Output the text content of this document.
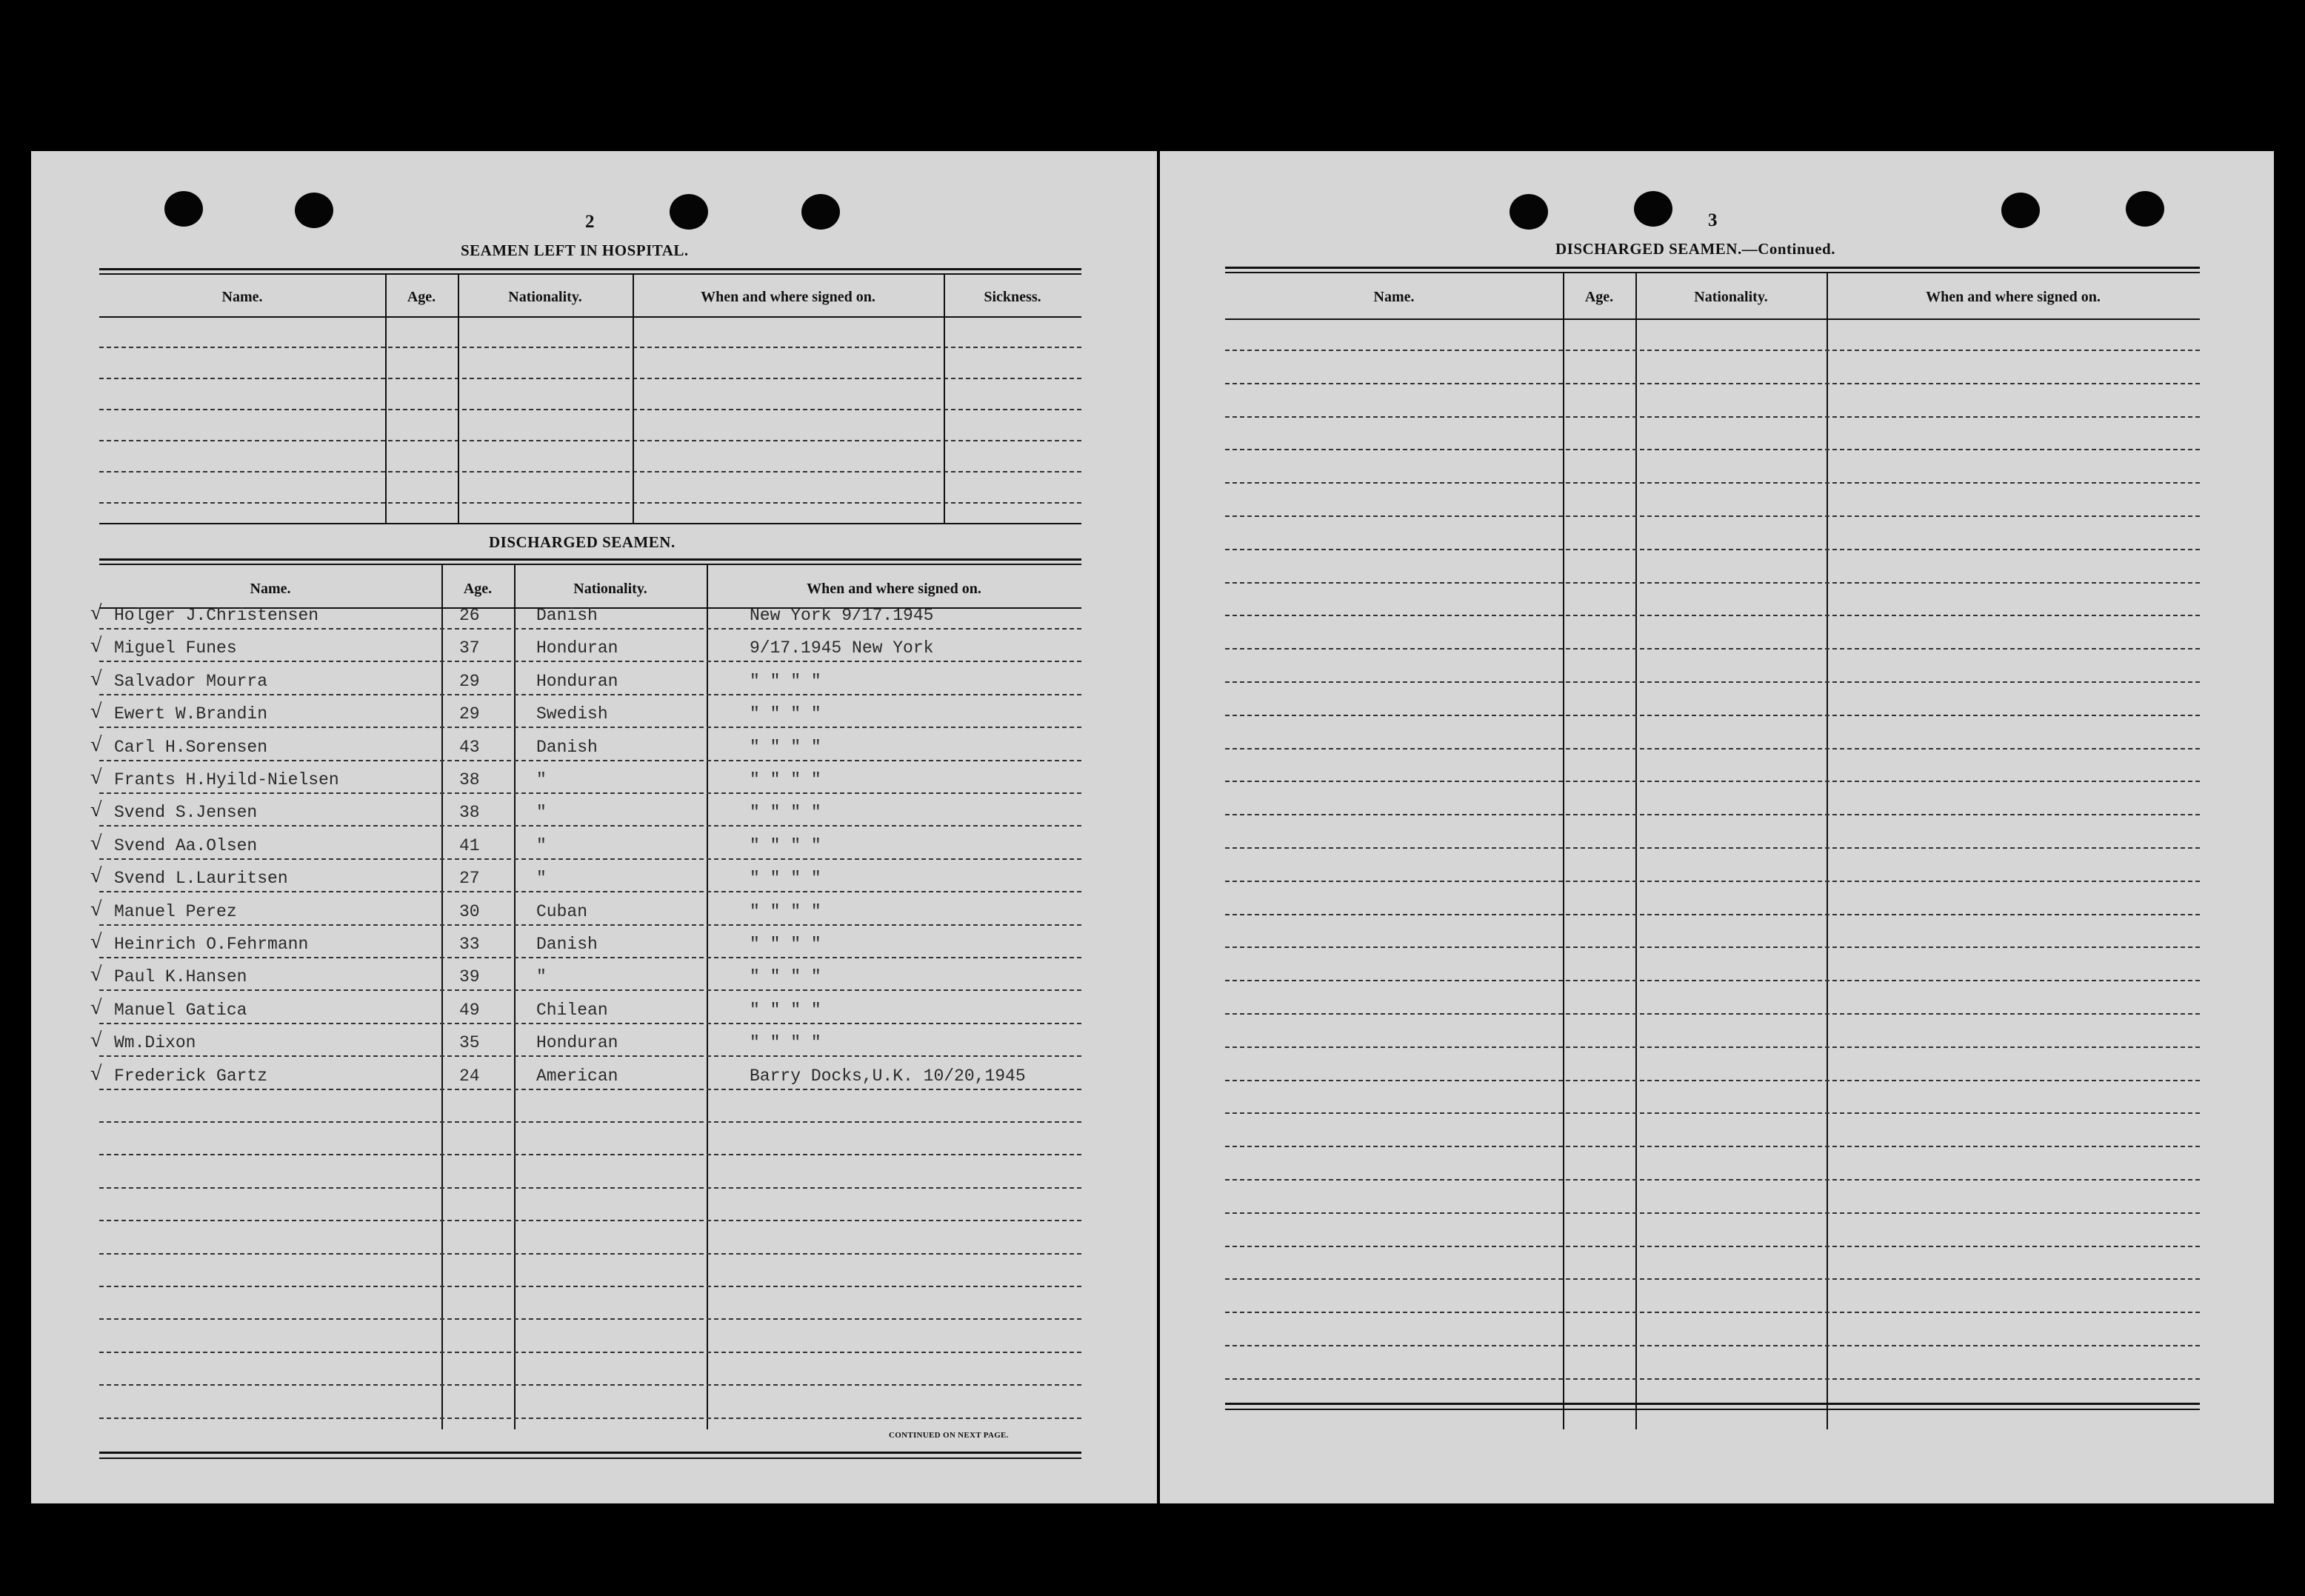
2
SEAMEN LEFT IN HOSPITAL.
Name.	Age.	Nationality.	When and where signed on.	Sickness.
DISCHARGED SEAMEN.
Name.	Age.	Nationality.	When and where signed on.
√ Holger J.Christensen	26	Danish	New York 9/17.1945
√ Miguel Funes	37	Honduran	9/17.1945 New York
√ Salvador Mourra	29	Honduran	" " " "
√ Ewert W.Brandin	29	Swedish	" " " "
√ Carl H.Sorensen	43	Danish	" " " "
√ Frants H.Hyild-Nielsen	38	"	" " " "
√ Svend S.Jensen	38	"	" " " "
√ Svend Aa.Olsen	41	"	" " " "
√ Svend L.Lauritsen	27	"	" " " "
√ Manuel Perez	30	Cuban	" " " "
√ Heinrich O.Fehrmann	33	Danish	" " " "
√ Paul K.Hansen	39	"	" " " "
√ Manuel Gatica	49	Chilean	" " " "
√ Wm.Dixon	35	Honduran	" " " "
√ Frederick Gartz	24	American	Barry Docks,U.K. 10/20,1945
CONTINUED ON NEXT PAGE.
3
DISCHARGED SEAMEN.—Continued.
Name.	Age.	Nationality.	When and where signed on.
